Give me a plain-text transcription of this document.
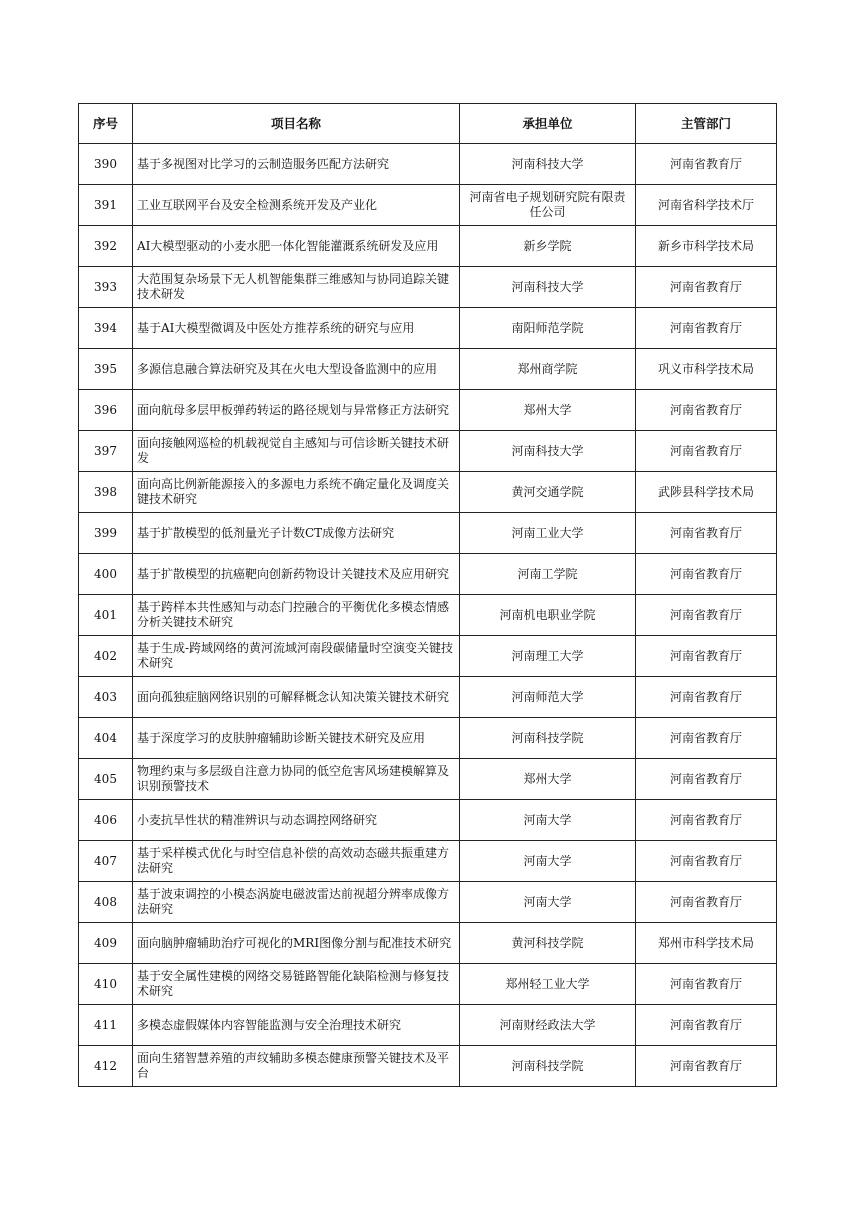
序号	项目名称	承担单位	主管部门
390	基于多视图对比学习的云制造服务匹配方法研究	河南科技大学	河南省教育厅
391	工业互联网平台及安全检测系统开发及产业化	河南省电子规划研究院有限责任公司	河南省科学技术厅
392	AI大模型驱动的小麦水肥一体化智能灌溉系统研发及应用	新乡学院	新乡市科学技术局
393	大范围复杂场景下无人机智能集群三维感知与协同追踪关键技术研发	河南科技大学	河南省教育厅
394	基于AI大模型微调及中医处方推荐系统的研究与应用	南阳师范学院	河南省教育厅
395	多源信息融合算法研究及其在火电大型设备监测中的应用	郑州商学院	巩义市科学技术局
396	面向航母多层甲板弹药转运的路径规划与异常修正方法研究	郑州大学	河南省教育厅
397	面向接触网巡检的机载视觉自主感知与可信诊断关键技术研发	河南科技大学	河南省教育厅
398	面向高比例新能源接入的多源电力系统不确定量化及调度关键技术研究	黄河交通学院	武陟县科学技术局
399	基于扩散模型的低剂量光子计数CT成像方法研究	河南工业大学	河南省教育厅
400	基于扩散模型的抗癌靶向创新药物设计关键技术及应用研究	河南工学院	河南省教育厅
401	基于跨样本共性感知与动态门控融合的平衡优化多模态情感分析关键技术研究	河南机电职业学院	河南省教育厅
402	基于生成-跨域网络的黄河流域河南段碳储量时空演变关键技术研究	河南理工大学	河南省教育厅
403	面向孤独症脑网络识别的可解释概念认知决策关键技术研究	河南师范大学	河南省教育厅
404	基于深度学习的皮肤肿瘤辅助诊断关键技术研究及应用	河南科技学院	河南省教育厅
405	物理约束与多层级自注意力协同的低空危害风场建模解算及识别预警技术	郑州大学	河南省教育厅
406	小麦抗旱性状的精准辨识与动态调控网络研究	河南大学	河南省教育厅
407	基于采样模式优化与时空信息补偿的高效动态磁共振重建方法研究	河南大学	河南省教育厅
408	基于波束调控的小模态涡旋电磁波雷达前视超分辨率成像方法研究	河南大学	河南省教育厅
409	面向脑肿瘤辅助治疗可视化的MRI图像分割与配准技术研究	黄河科技学院	郑州市科学技术局
410	基于安全属性建模的网络交易链路智能化缺陷检测与修复技术研究	郑州轻工业大学	河南省教育厅
411	多模态虚假媒体内容智能监测与安全治理技术研究	河南财经政法大学	河南省教育厅
412	面向生猪智慧养殖的声纹辅助多模态健康预警关键技术及平台	河南科技学院	河南省教育厅
